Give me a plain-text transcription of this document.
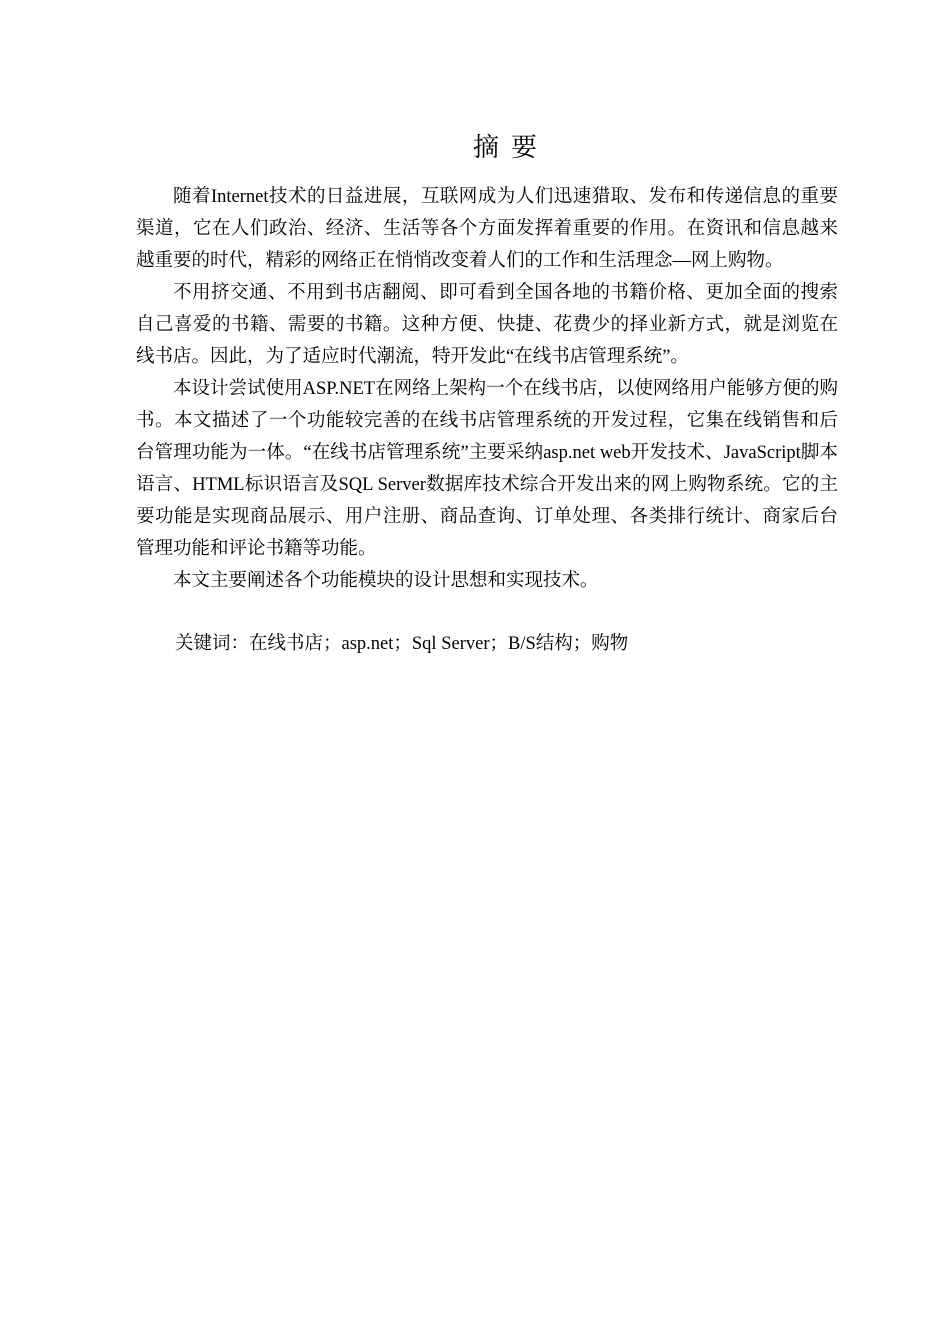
摘要

随着Internet技术的日益进展，互联网成为人们迅速猎取、发布和传递信息的重要渠道，它在人们政治、经济、生活等各个方面发挥着重要的作用。在资讯和信息越来越重要的时代，精彩的网络正在悄悄改变着人们的工作和生活理念—网上购物。

不用挤交通、不用到书店翻阅、即可看到全国各地的书籍价格、更加全面的搜索自己喜爱的书籍、需要的书籍。这种方便、快捷、花费少的择业新方式，就是浏览在线书店。因此，为了适应时代潮流，特开发此“在线书店管理系统”。

本设计尝试使用ASP.NET在网络上架构一个在线书店，以使网络用户能够方便的购书。本文描述了一个功能较完善的在线书店管理系统的开发过程，它集在线销售和后台管理功能为一体。“在线书店管理系统”主要采纳asp.net web开发技术、JavaScript脚本语言、HTML标识语言及SQL Server数据库技术综合开发出来的网上购物系统。它的主要功能是实现商品展示、用户注册、商品查询、订单处理、各类排行统计、商家后台管理功能和评论书籍等功能。

本文主要阐述各个功能模块的设计思想和实现技术。

关键词：在线书店；asp.net；Sql Server；B/S结构；购物
